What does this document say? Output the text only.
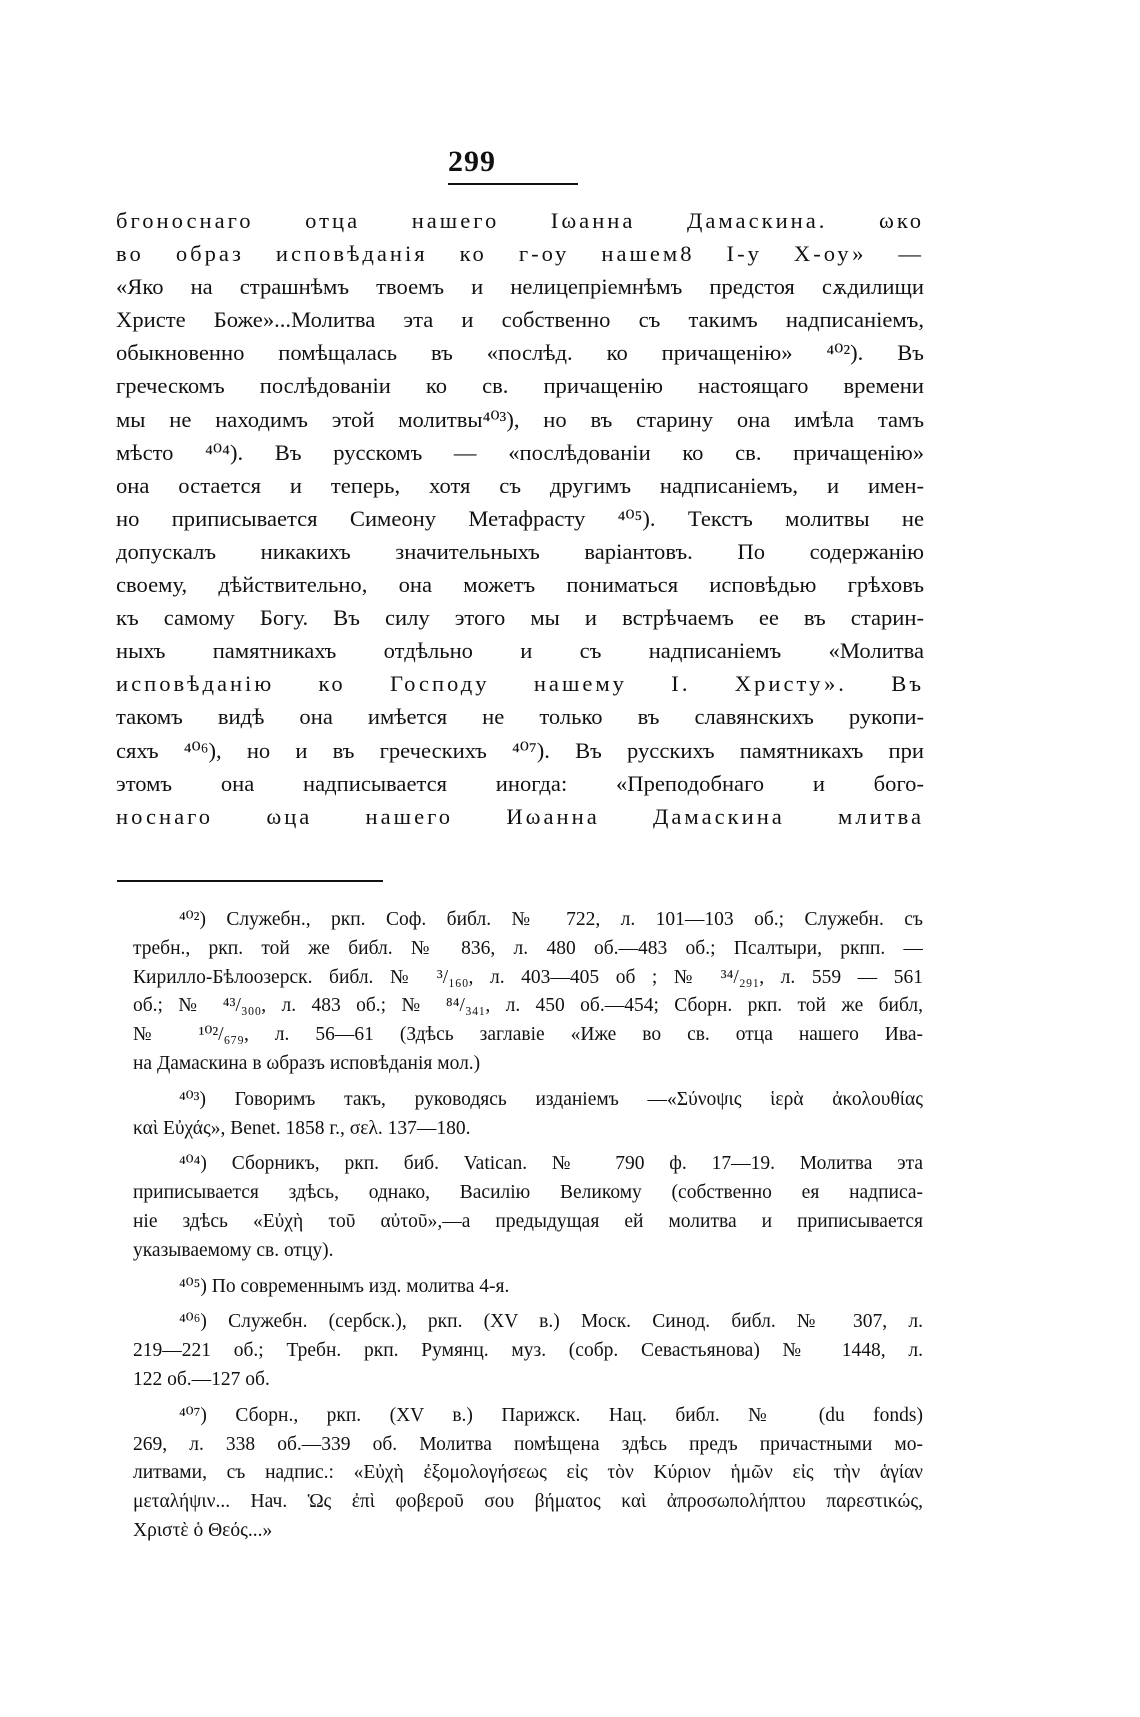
299
бгоноснаго отца нашего Iωанна Дамаскина. ωко
во образ исповѣданія ко г-оу нашем8 І-у Х-оу» —
«Яко на страшнѣмъ твоемъ и нелицепріемнѣмъ предстоя сѫдилищи
Христе Боже»...Молитва эта и собственно съ такимъ надписаніемъ,
обыкновенно помѣщалась въ «послѣд. ко причащенію» ⁴⁰²). Въ
греческомъ послѣдованіи ко св. причащенію настоящаго времени
мы не находимъ этой молитвы⁴⁰³), но въ старину она имѣла тамъ
мѣсто ⁴⁰⁴). Въ русскомъ — «послѣдованіи ко св. причащенію»
она остается и теперь, хотя съ другимъ надписаніемъ, и имен-
но приписывается Симеону Метафрасту ⁴⁰⁵). Текстъ молитвы не
допускалъ никакихъ значительныхъ варіантовъ. По содержанію
своему, дѣйствительно, она можетъ пониматься исповѣдью грѣховъ
къ самому Богу. Въ силу этого мы и встрѣчаемъ ее въ старин-
ныхъ памятникахъ отдѣльно и съ надписаніемъ «Молитва
исповѣданію ко Господу нашему І. Христу». Въ
такомъ видѣ она имѣется не только въ славянскихъ рукопи-
сяхъ ⁴⁰⁶), но и въ греческихъ ⁴⁰⁷). Въ русскихъ памятникахъ при
этомъ она надписывается иногда: «Преподобнаго и бого-
носнаго ωца нашего Иωанна Дамаскина млитва
⁴⁰²) Служебн., ркп. Соф. библ. № 722, л. 101—103 об.; Служебн. съ
требн., ркп. той же библ. № 836, л. 480 об.—483 об.; Псалтыри, ркпп. —
Кирилло-Бѣлоозерск. библ. № ³/₁₆₀, л. 403—405 об ; № ³⁴/₂₉₁, л. 559 — 561
об.; № ⁴³/₃₀₀, л. 483 об.; № ⁸⁴/₃₄₁, л. 450 об.—454; Сборн. ркп. той же библ,
№ ¹⁰²/₆₇₉, л. 56—61 (Здѣсь заглавіе «Иже во св. отца нашего Ива-
на Дамаскина в ωбразъ исповѣданія мол.)
⁴⁰³) Говоримъ такъ, руководясь изданіемъ —«Σύνοψις ἱερὰ ἀκολουθίας
καὶ Εὐχάς», Benet. 1858 г., σελ. 137—180.
⁴⁰⁴) Сборникъ, ркп. биб. Vatican. № 790 ф. 17—19. Молитва эта
приписывается здѣсь, однако, Василію Великому (собственно ея надписа-
ніе здѣсь «Εὐχὴ τοῦ αὐτοῦ»,—а предыдущая ей молитва и приписывается
указываемому св. отцу).
⁴⁰⁵) По современнымъ изд. молитва 4-я.
⁴⁰⁶) Служебн. (сербск.), ркп. (XV в.) Моск. Синод. библ. № 307, л.
219—221 об.; Требн. ркп. Румянц. муз. (собр. Севастьянова) № 1448, л.
122 об.—127 об.
⁴⁰⁷) Сборн., ркп. (XV в.) Парижск. Нац. библ. № (du fonds)
269, л. 338 об.—339 об. Молитва помѣщена здѣсь предъ причастными мо-
литвами, съ надпис.: «Εὐχὴ ἐξομολογήσεως εἰς τὸν Κύριον ἡμῶν εἰς τὴν ἁγίαν
μεταλήψιν... Нач. Ὡς ἐπὶ φοβεροῦ σου βήματος καὶ ἀπροσωπολήπτου παρεστικώς,
Χριστὲ ὁ Θεός...»
